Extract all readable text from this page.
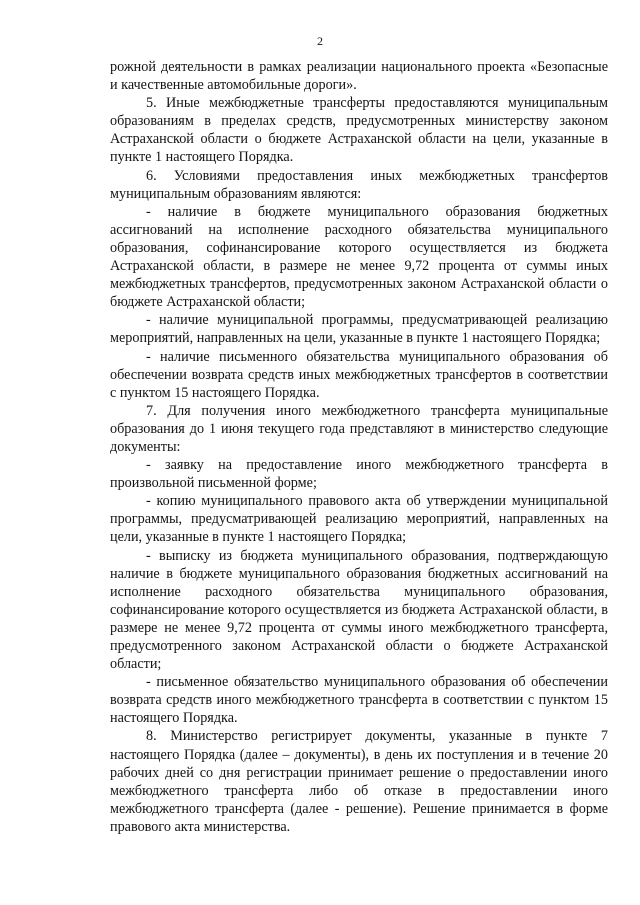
2

рожной деятельности в рамках реализации национального проекта «Безопасные и качественные автомобильные дороги».

5. Иные межбюджетные трансферты предоставляются муниципальным образованиям в пределах средств, предусмотренных министерству законом Астраханской области о бюджете Астраханской области на цели, указанные в пункте 1 настоящего Порядка.

6. Условиями предоставления иных межбюджетных трансфертов муниципальным образованиям являются:

- наличие в бюджете муниципального образования бюджетных ассигнований на исполнение расходного обязательства муниципального образования, софинансирование которого осуществляется из бюджета Астраханской области, в размере не менее 9,72 процента от суммы иных межбюджетных трансфертов, предусмотренных законом Астраханской области о бюджете Астраханской области;

- наличие муниципальной программы, предусматривающей реализацию мероприятий, направленных на цели, указанные в пункте 1 настоящего Порядка;

- наличие письменного обязательства муниципального образования об обеспечении возврата средств иных межбюджетных трансфертов в соответствии с пунктом 15 настоящего Порядка.

7. Для получения иного межбюджетного трансферта муниципальные образования до 1 июня текущего года представляют в министерство следующие документы:

- заявку на предоставление иного межбюджетного трансферта в произвольной письменной форме;

- копию муниципального правового акта об утверждении муниципальной программы, предусматривающей реализацию мероприятий, направленных на цели, указанные в пункте 1 настоящего Порядка;

- выписку из бюджета муниципального образования, подтверждающую наличие в бюджете муниципального образования бюджетных ассигнований на исполнение расходного обязательства муниципального образования, софинансирование которого осуществляется из бюджета Астраханской области, в размере не менее 9,72 процента от суммы иного межбюджетного трансферта, предусмотренного законом Астраханской области о бюджете Астраханской области;

- письменное обязательство муниципального образования об обеспечении возврата средств иного межбюджетного трансферта в соответствии с пунктом 15 настоящего Порядка.

8. Министерство регистрирует документы, указанные в пункте 7 настоящего Порядка (далее – документы), в день их поступления и в течение 20 рабочих дней со дня регистрации принимает решение о предоставлении иного межбюджетного трансферта либо об отказе в предоставлении иного межбюджетного трансферта (далее - решение). Решение принимается в форме правового акта министерства.
